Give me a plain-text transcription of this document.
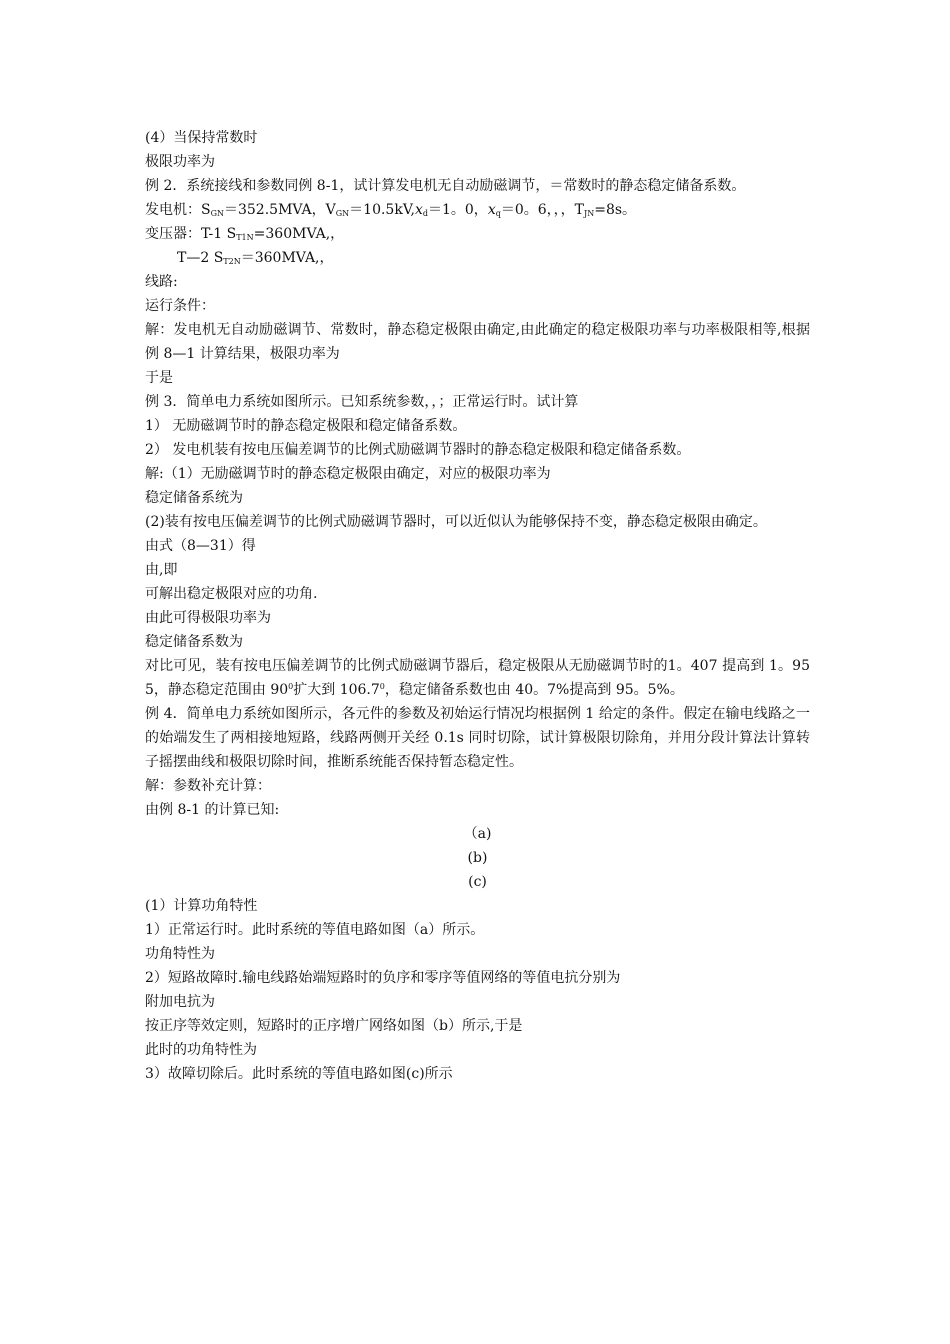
(4）当保持常数时

极限功率为

例 2．系统接线和参数同例 8-1，试计算发电机无自动励磁调节，＝常数时的静态稳定储备系数。

发电机：$S_{GN}=352.5MVA$，$V_{GN}=10.5kV,x_d=1$。0，$x_q=0$。6，，，$T_{JN}=8s$。

变压器：T-1 $S_{T1N}=360MVA$,，

T—2 $S_{T2N}=360MVA$,，

线路:

运行条件：

解：发电机无自动励磁调节、常数时，静态稳定极限由确定,由此确定的稳定极限功率与功率极限相等,根据例 8—1 计算结果，极限功率为

于是

例 3．简单电力系统如图所示。已知系统参数，，；正常运行时。试计算

1） 无励磁调节时的静态稳定极限和稳定储备系数。

2） 发电机装有按电压偏差调节的比例式励磁调节器时的静态稳定极限和稳定储备系数。

解:（1）无励磁调节时的静态稳定极限由确定，对应的极限功率为

稳定储备系统为

(2)装有按电压偏差调节的比例式励磁调节器时，可以近似认为能够保持不变，静态稳定极限由确定。

由式（8—31）得

由,即

可解出稳定极限对应的功角.

由此可得极限功率为

稳定储备系数为

对比可见，装有按电压偏差调节的比例式励磁调节器后，稳定极限从无励磁调节时的1。407 提高到 1。955，静态稳定范围由 $90^0$扩大到 106.7$^0$，稳定储备系数也由 40。7%提高到 95。5%。

例 4．简单电力系统如图所示，各元件的参数及初始运行情况均根据例 1 给定的条件。假定在输电线路之一的始端发生了两相接地短路，线路两侧开关经 0.1s 同时切除，试计算极限切除角，并用分段计算法计算转子摇摆曲线和极限切除时间，推断系统能否保持暂态稳定性。

解：参数补充计算：

由例 8-1 的计算已知:

（a)

(b)

(c)

(1）计算功角特性

1）正常运行时。此时系统的等值电路如图（a）所示。

功角特性为

2）短路故障时.输电线路始端短路时的负序和零序等值网络的等值电抗分别为

附加电抗为

按正序等效定则，短路时的正序增广网络如图（b）所示,于是

此时的功角特性为

3）故障切除后。此时系统的等值电路如图(c)所示
